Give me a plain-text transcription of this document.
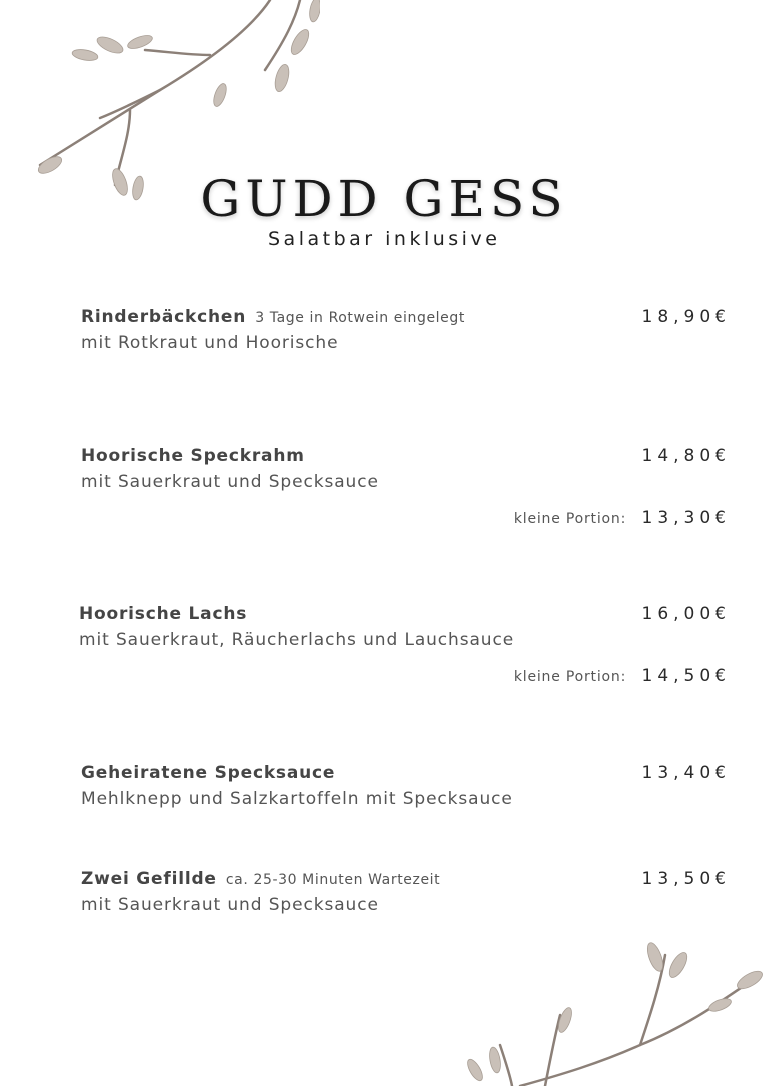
GUDD GESS

Salatbar inklusive

Rinderbäckchen 3 Tage in Rotwein eingelegt
mit Rotkraut und Hoorische
18,90€
Hoorische Speckrahm
mit Sauerkraut und Specksauce
14,80€
kleine Portion: 13,30€
Hoorische Lachs
mit Sauerkraut, Räucherlachs und Lauchsauce
16,00€
kleine Portion: 14,50€
Geheiratene Specksauce
Mehlknepp und Salzkartoffeln mit Specksauce
13,40€
Zwei Gefillde ca. 25-30 Minuten Wartezeit
mit Sauerkraut und Specksauce
13,50€
